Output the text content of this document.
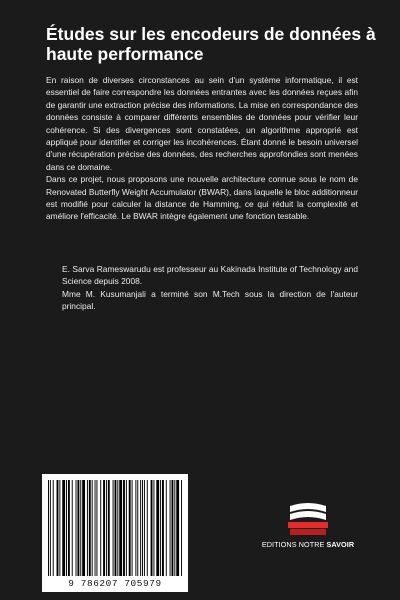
Études sur les encodeurs de données à haute performance

En raison de diverses circonstances au sein d'un système informatique, il est essentiel de faire correspondre les données entrantes avec les données reçues afin de garantir une extraction précise des informations. La mise en correspondance des données consiste à comparer différents ensembles de données pour vérifier leur cohérence. Si des divergences sont constatées, un algorithme approprié est appliqué pour identifier et corriger les incohérences. Étant donné le besoin universel d'une récupération précise des données, des recherches approfondies sont menées dans ce domaine.

Dans ce projet, nous proposons une nouvelle architecture connue sous le nom de Renovated Butterfly Weight Accumulator (BWAR), dans laquelle le bloc additionneur est modifié pour calculer la distance de Hamming, ce qui réduit la complexité et améliore l'efficacité. Le BWAR intègre également une fonction testable.

E. Sarva Rameswarudu est professeur au Kakinada Institute of Technology and Science depuis 2008.

Mme M. Kusumanjali a terminé son M.Tech sous la direction de l'auteur principal.

9 786207 705979
EDITIONS NOTRE SAVOIR
